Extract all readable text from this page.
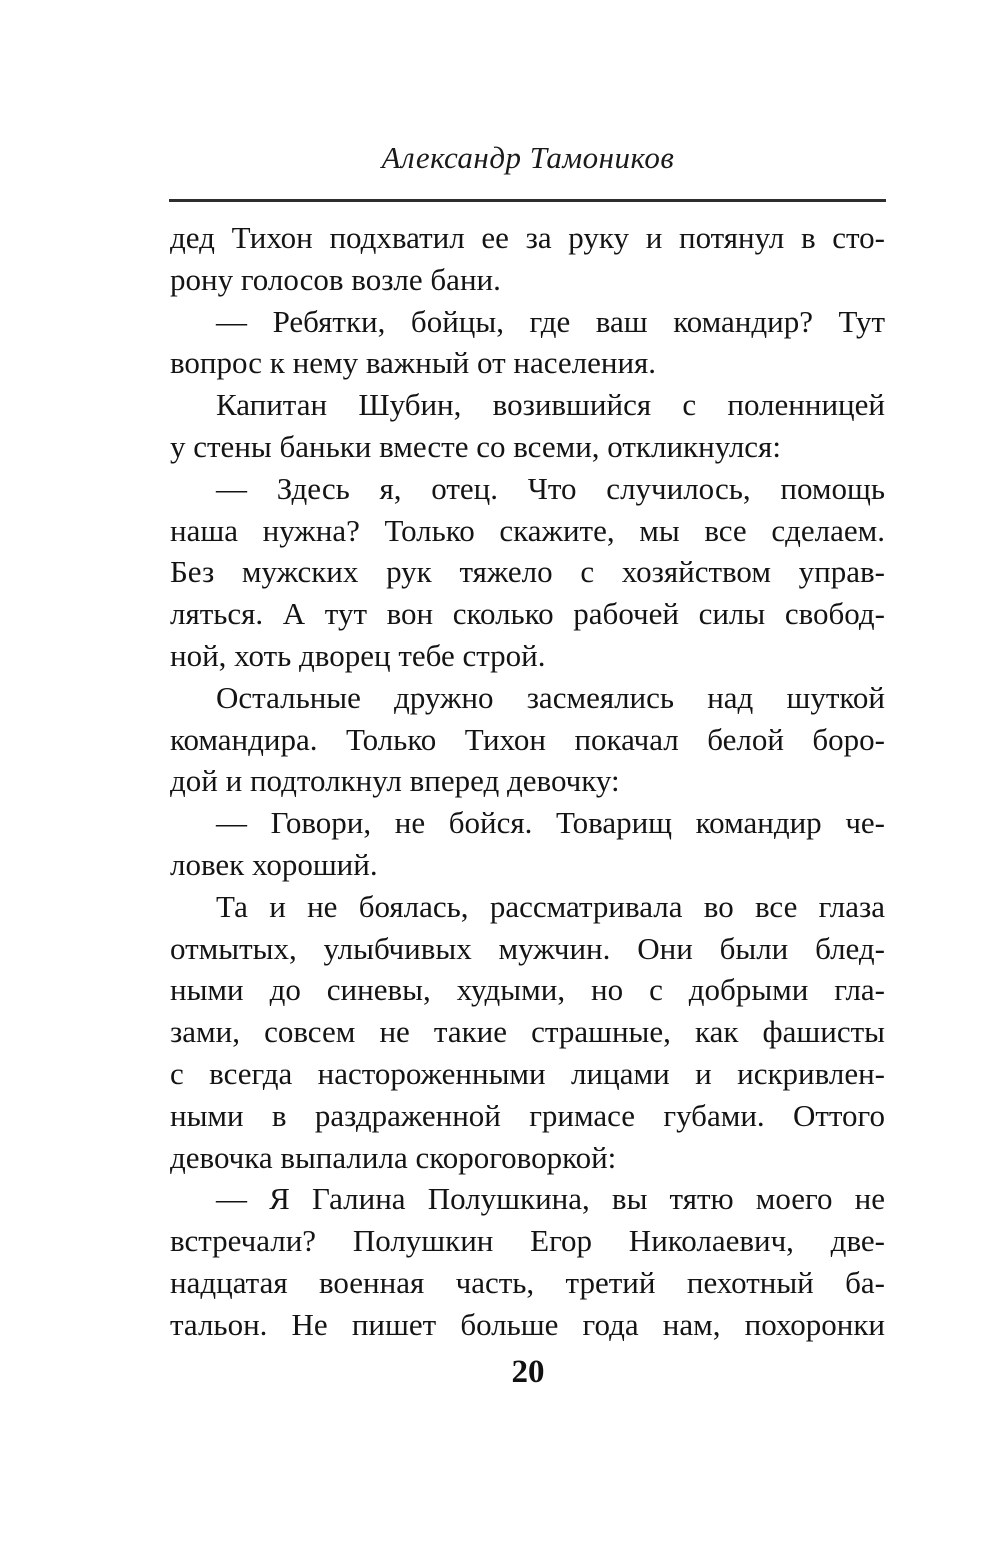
Александр Тамоников
дед Тихон подхватил ее за руку и потянул в сто-
рону голосов возле бани.
— Ребятки, бойцы, где ваш командир? Тут
вопрос к нему важный от населения.
Капитан Шубин, возившийся с поленницей
у стены баньки вместе со всеми, откликнулся:
— Здесь я, отец. Что случилось, помощь
наша нужна? Только скажите, мы все сделаем.
Без мужских рук тяжело с хозяйством управ-
ляться. А тут вон сколько рабочей силы свобод-
ной, хоть дворец тебе строй.
Остальные дружно засмеялись над шуткой
командира. Только Тихон покачал белой боро-
дой и подтолкнул вперед девочку:
— Говори, не бойся. Товарищ командир че-
ловек хороший.
Та и не боялась, рассматривала во все глаза
отмытых, улыбчивых мужчин. Они были блед-
ными до синевы, худыми, но с добрыми гла-
зами, совсем не такие страшные, как фашисты
с всегда настороженными лицами и искривлен-
ными в раздраженной гримасе губами. Оттого
девочка выпалила скороговоркой:
— Я Галина Полушкина, вы тятю моего не
встречали? Полушкин Егор Николаевич, две-
надцатая военная часть, третий пехотный ба-
тальон. Не пишет больше года нам, похоронки
20
